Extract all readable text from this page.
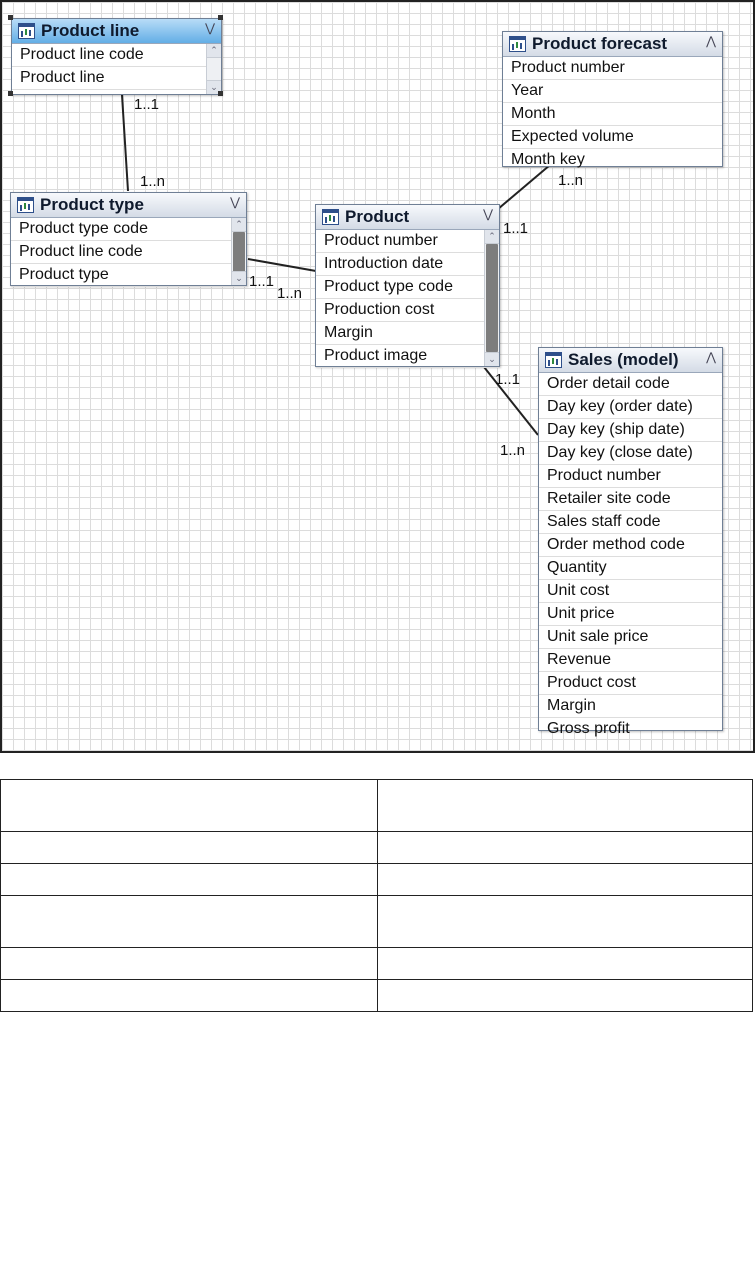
Product line	⋁
Product line code
Product line
⌃
⌄
Product type	⋁
Product type code
Product line code
Product type
⌃
⌄
Product	⋁
Product number
Introduction date
Product type code
Production cost
Margin
Product image
⌃
⌄
Product forecast	⋀
Product number
Year
Month
Expected volume
Month key
Sales (model) ⋀
Order detail code
Day key (order date)
Day key (ship date)
Day key (close date)
Product number
Retailer site code
Sales staff code
Order method code
Quantity
Unit cost
Unit price
Unit sale price
Revenue
Product cost
Margin
Gross profit
1..1
1..n
1..1
1..n
1..1
1..n
1..1
1..n
